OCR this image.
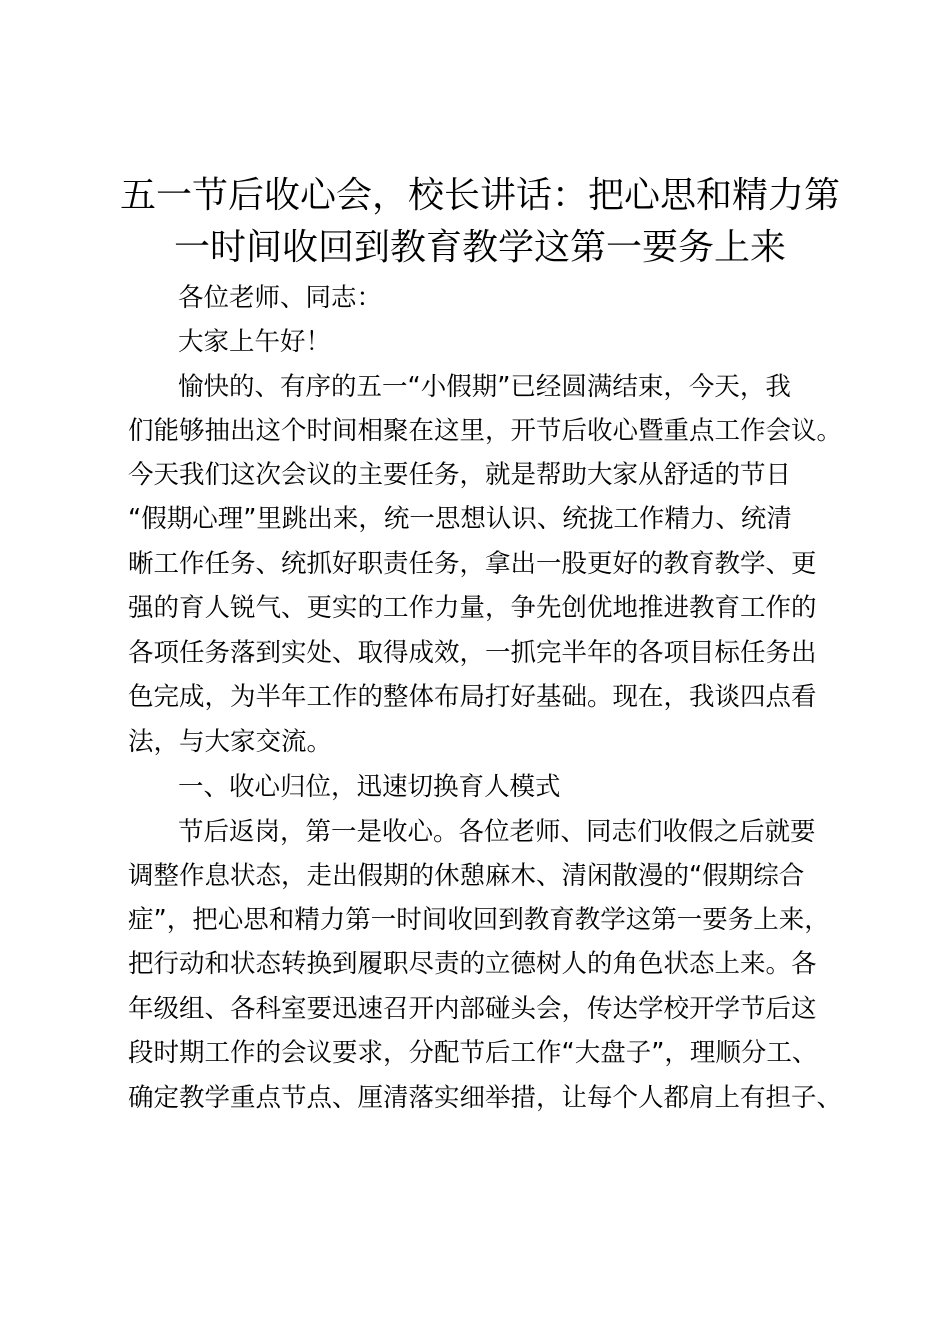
五一节后收心会，校长讲话：把心思和精力第
一时间收回到教育教学这第一要务上来
各位老师、同志：
大家上午好！
愉快的、有序的五一“小假期”已经圆满结束，今天，我
们能够抽出这个时间相聚在这里，开节后收心暨重点工作会议。
今天我们这次会议的主要任务，就是帮助大家从舒适的节日
“假期心理”里跳出来，统一思想认识、统拢工作精力、统清
晰工作任务、统抓好职责任务，拿出一股更好的教育教学、更
强的育人锐气、更实的工作力量，争先创优地推进教育工作的
各项任务落到实处、取得成效，一抓完半年的各项目标任务出
色完成，为半年工作的整体布局打好基础。现在，我谈四点看
法，与大家交流。
一、收心归位，迅速切换育人模式
节后返岗，第一是收心。各位老师、同志们收假之后就要
调整作息状态，走出假期的休憩麻木、清闲散漫的“假期综合
症”，把心思和精力第一时间收回到教育教学这第一要务上来，
把行动和状态转换到履职尽责的立德树人的角色状态上来。各
年级组、各科室要迅速召开内部碰头会，传达学校开学节后这
段时期工作的会议要求，分配节后工作“大盘子”，理顺分工、
确定教学重点节点、厘清落实细举措，让每个人都肩上有担子、
